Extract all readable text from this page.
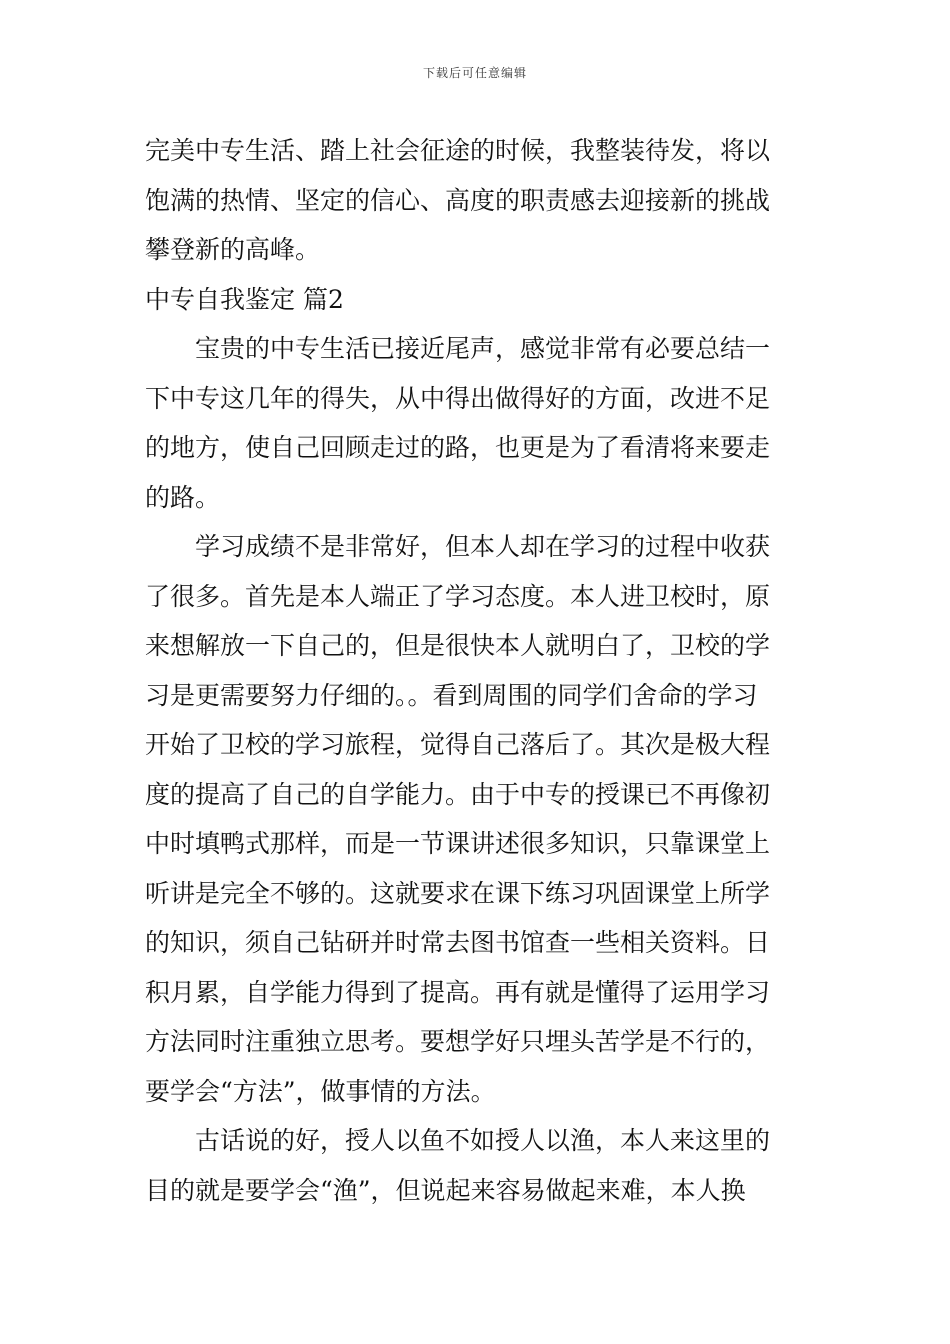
下载后可任意编辑
完美中专生活、踏上社会征途的时候，我整装待发，将以
饱满的热情、坚定的信心、高度的职责感去迎接新的挑战
攀登新的高峰。
中专自我鉴定 篇2
宝贵的中专生活已接近尾声，感觉非常有必要总结一
下中专这几年的得失，从中得出做得好的方面，改进不足
的地方，使自己回顾走过的路，也更是为了看清将来要走
的路。
学习成绩不是非常好，但本人却在学习的过程中收获
了很多。首先是本人端正了学习态度。本人进卫校时，原
来想解放一下自己的，但是很快本人就明白了，卫校的学
习是更需要努力仔细的。。看到周围的同学们舍命的学习
开始了卫校的学习旅程，觉得自己落后了。其次是极大程
度的提高了自己的自学能力。由于中专的授课已不再像初
中时填鸭式那样，而是一节课讲述很多知识，只靠课堂上
听讲是完全不够的。这就要求在课下练习巩固课堂上所学
的知识，须自己钻研并时常去图书馆查一些相关资料。日
积月累，自学能力得到了提高。再有就是懂得了运用学习
方法同时注重独立思考。要想学好只埋头苦学是不行的，
要学会“方法”，做事情的方法。
古话说的好，授人以鱼不如授人以渔，本人来这里的
目的就是要学会“渔”，但说起来容易做起来难，本人换
